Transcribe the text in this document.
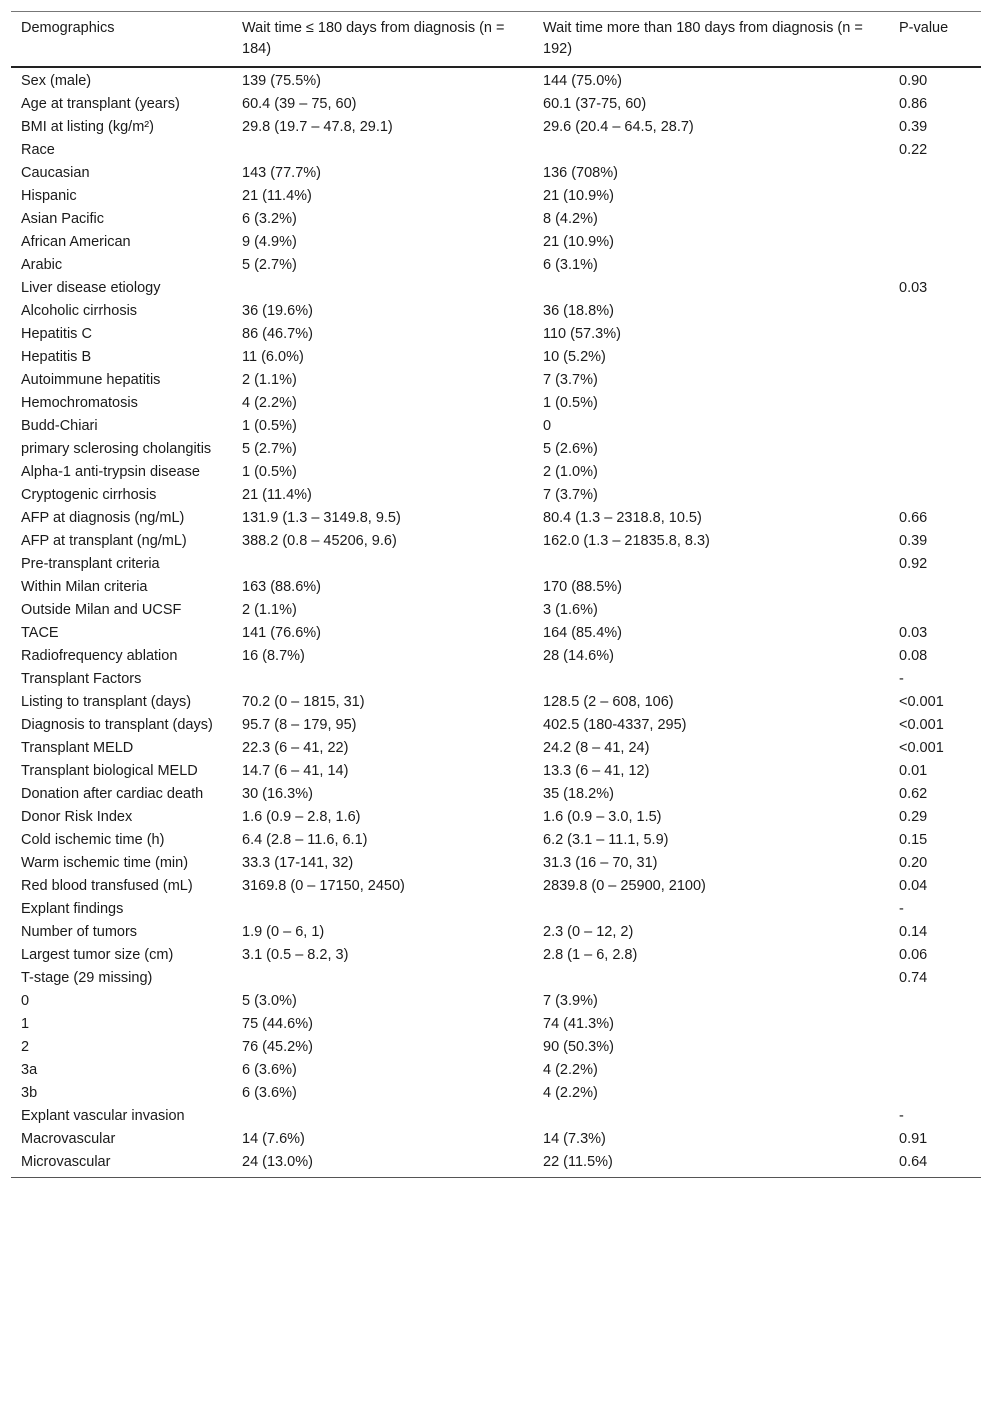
Demographics	Wait time ≤ 180 days from diagnosis (n = 184)	Wait time more than 180 days from diagnosis (n = 192)	P-value
Sex (male)	139 (75.5%)	144 (75.0%)	0.90
Age at transplant (years)	60.4 (39 – 75, 60)	60.1 (37-75, 60)	0.86
BMI at listing (kg/m²)	29.8 (19.7 – 47.8, 29.1)	29.6 (20.4 – 64.5, 28.7)	0.39
Race			0.22
Caucasian	143 (77.7%)	136 (708%)	
Hispanic	21 (11.4%)	21 (10.9%)	
Asian Pacific	6 (3.2%)	8 (4.2%)	
African American	9 (4.9%)	21 (10.9%)	
Arabic	5 (2.7%)	6 (3.1%)	
Liver disease etiology			0.03
Alcoholic cirrhosis	36 (19.6%)	36 (18.8%)	
Hepatitis C	86 (46.7%)	110 (57.3%)	
Hepatitis B	11 (6.0%)	10 (5.2%)	
Autoimmune hepatitis	2 (1.1%)	7 (3.7%)	
Hemochromatosis	4 (2.2%)	1 (0.5%)	
Budd-Chiari	1 (0.5%)	0	
primary sclerosing cholangitis	5 (2.7%)	5 (2.6%)	
Alpha-1 anti-trypsin disease	1 (0.5%)	2 (1.0%)	
Cryptogenic cirrhosis	21 (11.4%)	7 (3.7%)	
AFP at diagnosis (ng/mL)	131.9 (1.3 – 3149.8, 9.5)	80.4 (1.3 – 2318.8, 10.5)	0.66
AFP at transplant (ng/mL)	388.2 (0.8 – 45206, 9.6)	162.0 (1.3 – 21835.8, 8.3)	0.39
Pre-transplant criteria			0.92
Within Milan criteria	163 (88.6%)	170 (88.5%)	
Outside Milan and UCSF	2 (1.1%)	3 (1.6%)	
TACE	141 (76.6%)	164 (85.4%)	0.03
Radiofrequency ablation	16 (8.7%)	28 (14.6%)	0.08
Transplant Factors			-
Listing to transplant (days)	70.2 (0 – 1815, 31)	128.5 (2 – 608, 106)	<0.001
Diagnosis to transplant (days)	95.7 (8 – 179, 95)	402.5 (180-4337, 295)	<0.001
Transplant MELD	22.3 (6 – 41, 22)	24.2 (8 – 41, 24)	<0.001
Transplant biological MELD	14.7 (6 – 41, 14)	13.3 (6 – 41, 12)	0.01
Donation after cardiac death	30 (16.3%)	35 (18.2%)	0.62
Donor Risk Index	1.6 (0.9 – 2.8, 1.6)	1.6 (0.9 – 3.0, 1.5)	0.29
Cold ischemic time (h)	6.4 (2.8 – 11.6, 6.1)	6.2 (3.1 – 11.1, 5.9)	0.15
Warm ischemic time (min)	33.3 (17-141, 32)	31.3 (16 – 70, 31)	0.20
Red blood transfused (mL)	3169.8 (0 – 17150, 2450)	2839.8 (0 – 25900, 2100)	0.04
Explant findings			-
Number of tumors	1.9 (0 – 6, 1)	2.3 (0 – 12, 2)	0.14
Largest tumor size (cm)	3.1 (0.5 – 8.2, 3)	2.8 (1 – 6, 2.8)	0.06
T-stage (29 missing)			0.74
0	5 (3.0%)	7 (3.9%)	
1	75 (44.6%)	74 (41.3%)	
2	76 (45.2%)	90 (50.3%)	
3a	6 (3.6%)	4 (2.2%)	
3b	6 (3.6%)	4 (2.2%)	
Explant vascular invasion			-
Macrovascular	14 (7.6%)	14 (7.3%)	0.91
Microvascular	24 (13.0%)	22 (11.5%)	0.64
